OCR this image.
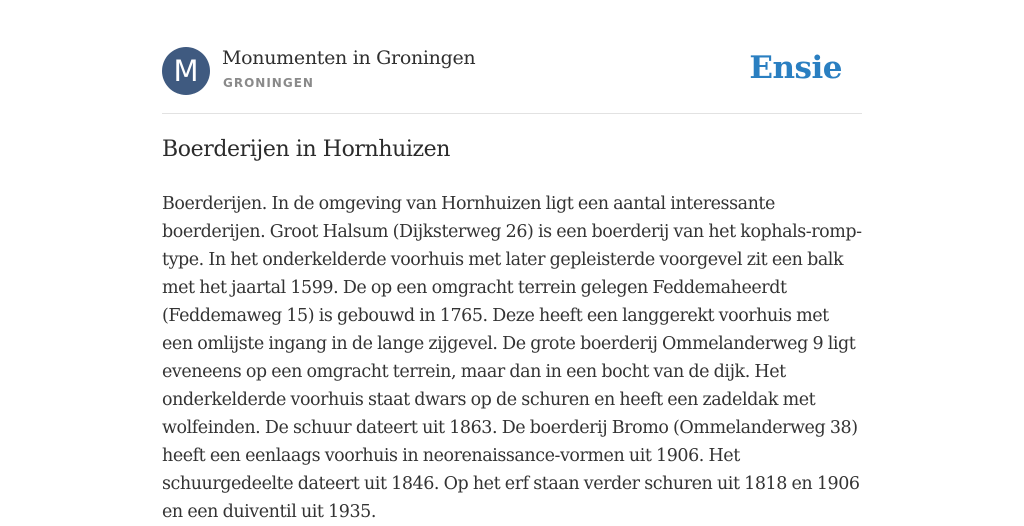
M	Monumenten in Groningen
GRONINGEN	Ensie
Boerderijen in Hornhuizen

Boerderijen. In de omgeving van Hornhuizen ligt een aantal interessante boerderijen. Groot Halsum (Dijksterweg 26) is een boerderij van het kophals-romp-type. In het onderkelderde voorhuis met later gepleisterde voorgevel zit een balk met het jaartal 1599. De op een omgracht terrein gelegen Feddemaheerdt (Feddemaweg 15) is gebouwd in 1765. Deze heeft een langgerekt voorhuis met een omlijste ingang in de lange zijgevel. De grote boerderij Ommelanderweg 9 ligt eveneens op een omgracht terrein, maar dan in een bocht van de dijk. Het onderkelderde voorhuis staat dwars op de schuren en heeft een zadeldak met wolfeinden. De schuur dateert uit 1863. De boerderij Bromo (Ommelanderweg 38) heeft een eenlaags voorhuis in neorenaissance-vormen uit 1906. Het schuurgedeelte dateert uit 1846. Op het erf staan verder schuren uit 1818 en 1906 en een duiventil uit 1935.
